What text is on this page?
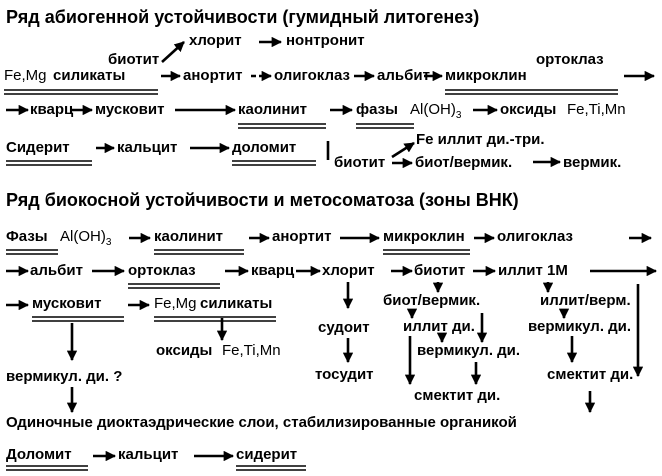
Ряд абиогенной устойчивости (гумидный литогенез)
биотит
хлорит	нонтронит
ортоклаз
Fe,Mg силикаты	анортит олигоклаз альбит микроклин
кварц мусковит	каолинит	фазы $Al(OH)_3$	оксиды Fe,Ti,Mn
Сидерит	кальцит	доломит	Fe иллит ди.-три.
биотит биот/вермик.	вермик.
Ряд биокосной устойчивости и метосоматоза (зоны ВНК)
Фазы $Al(OH)_3$	каолинит	анортит	микроклин олигоклаз
альбит	ортоклаз	кварц хлорит	биотит иллит 1М
мусковит	Fe,Mg силикаты	биот/вермик.	иллит/верм.
судоит иллит ди.	вермикул. ди.
оксиды Fe,Ti,Mn	вермикул. ди.
вермикул. ди. ?	тосудит	смектит ди.
смектит ди.
Одиночные диоктаэдрические слои, стабилизированные органикой
Доломит	кальцит	сидерит
